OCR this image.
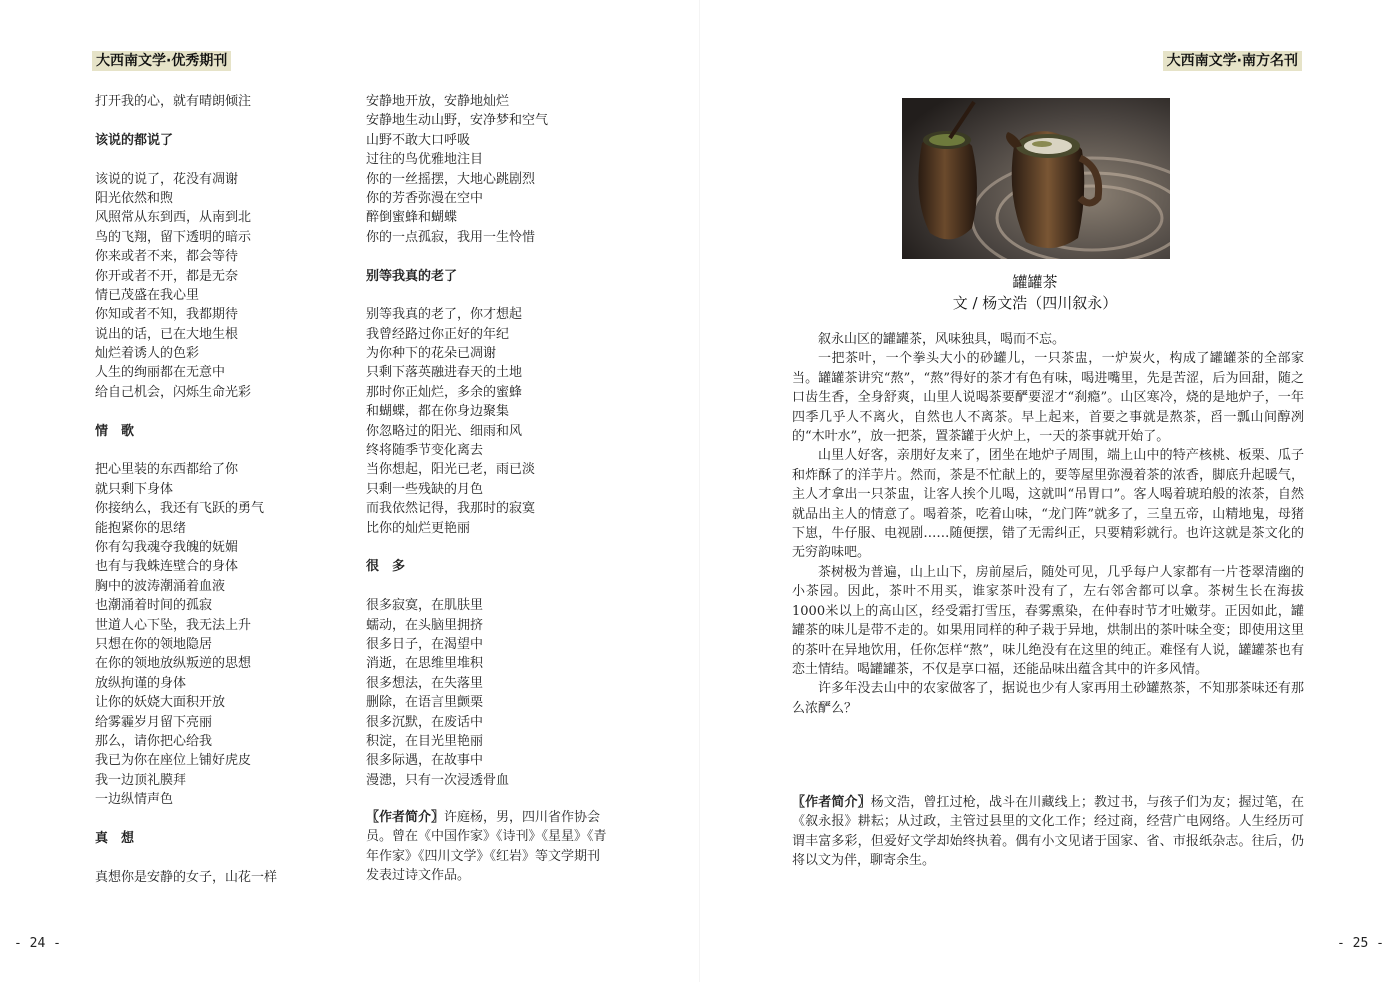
大西南文学·优秀期刊
打开我的心，就有晴朗倾注
该说的都说了
该说的说了，花没有凋谢
阳光依然和煦
风照常从东到西，从南到北
鸟的飞翔，留下透明的暗示
你来或者不来，都会等待
你开或者不开，都是无奈
情已茂盛在我心里
你知或者不知，我都期待
说出的话，已在大地生根
灿烂着诱人的色彩
人生的绚丽都在无意中
给自己机会，闪烁生命光彩
情　歌
把心里装的东西都给了你
就只剩下身体
你接纳么，我还有飞跃的勇气
能抱紧你的思绪
你有勾我魂夺我魄的妩媚
也有与我蛛连壁合的身体
胸中的波涛潮涌着血液
也潮涌着时间的孤寂
世道人心下坠，我无法上升
只想在你的领地隐居
在你的领地放纵叛逆的思想
放纵拘谨的身体
让你的妖娆大面积开放
给雾霾岁月留下亮丽
那么，请你把心给我
我已为你在座位上铺好虎皮
我一边顶礼膜拜
一边纵情声色
真　想
真想你是安静的女子，山花一样
安静地开放，安静地灿烂
安静地生动山野，安净梦和空气
山野不敢大口呼吸
过往的鸟优雅地注目
你的一丝摇摆，大地心跳剧烈
你的芳香弥漫在空中
醉倒蜜蜂和蝴蝶
你的一点孤寂，我用一生怜惜
别等我真的老了
别等我真的老了，你才想起
我曾经路过你正好的年纪
为你种下的花朵已凋谢
只剩下落英融进春天的土地
那时你正灿烂，多余的蜜蜂
和蝴蝶，都在你身边聚集
你忽略过的阳光、细雨和风
终将随季节变化离去
当你想起，阳光已老，雨已淡
只剩一些残缺的月色
而我依然记得，我那时的寂寞
比你的灿烂更艳丽
很　多
很多寂寞，在肌肤里
蠕动，在头脑里拥挤
很多日子，在渴望中
消逝，在思维里堆积
很多想法，在失落里
删除，在语言里颤栗
很多沉默，在废话中
积淀，在目光里艳丽
很多际遇，在故事中
漫漶，只有一次浸透骨血
〖作者简介〗许庭杨，男，四川省作协会员。曾在《中国作家》《诗刊》《星星》《青年作家》《四川文学》《红岩》等文学期刊发表过诗文作品。
- 24 -
大西南文学·南方名刊
罐罐茶
文 / 杨文浩（四川叙永）

叙永山区的罐罐茶，风味独具，喝而不忘。

一把茶叶，一个拳头大小的砂罐儿，一只茶盅，一炉炭火，构成了罐罐茶的全部家当。罐罐茶讲究“熬”，“熬”得好的茶才有色有味，喝进嘴里，先是苦涩，后为回甜，随之口齿生香，全身舒爽，山里人说喝茶要酽要涩才“刹瘾”。山区寒冷，烧的是地炉子，一年四季几乎人不离火，自然也人不离茶。早上起来，首要之事就是熬茶，舀一瓢山间醇冽的“木叶水”，放一把茶，置茶罐于火炉上，一天的茶事就开始了。

山里人好客，亲朋好友来了，团坐在地炉子周围，端上山中的特产核桃、板栗、瓜子和炸酥了的洋芋片。然而，茶是不忙献上的，要等屋里弥漫着茶的浓香，脚底升起暖气，主人才拿出一只茶盅，让客人挨个儿喝，这就叫“吊胃口”。客人喝着琥珀般的浓茶，自然就品出主人的情意了。喝着茶，吃着山味，“龙门阵”就多了，三皇五帝，山精地鬼，母猪下崽，牛仔服、电视剧……随便摆，错了无需纠正，只要精彩就行。也许这就是茶文化的无穷韵味吧。

茶树极为普遍，山上山下，房前屋后，随处可见，几乎每户人家都有一片苍翠清幽的小茶园。因此，茶叶不用买，谁家茶叶没有了，左右邻舍都可以拿。茶树生长在海拔1000米以上的高山区，经受霜打雪压，春雾熏染，在仲春时节才吐嫩芽。正因如此，罐罐茶的味儿是带不走的。如果用同样的种子栽于异地，烘制出的茶叶味全变；即使用这里的茶叶在异地饮用，任你怎样“熬”，味儿绝没有在这里的纯正。难怪有人说，罐罐茶也有恋土情结。喝罐罐茶，不仅是享口福，还能品味出蕴含其中的许多风情。

许多年没去山中的农家做客了，据说也少有人家再用土砂罐熬茶，不知那茶味还有那么浓酽么？

〖作者简介〗杨文浩，曾扛过枪，战斗在川藏线上；教过书，与孩子们为友；握过笔，在《叙永报》耕耘；从过政，主管过县里的文化工作；经过商，经营广电网络。人生经历可谓丰富多彩，但爱好文学却始终执着。偶有小文见诸于国家、省、市报纸杂志。往后，仍将以文为伴，聊寄余生。
- 25 -
